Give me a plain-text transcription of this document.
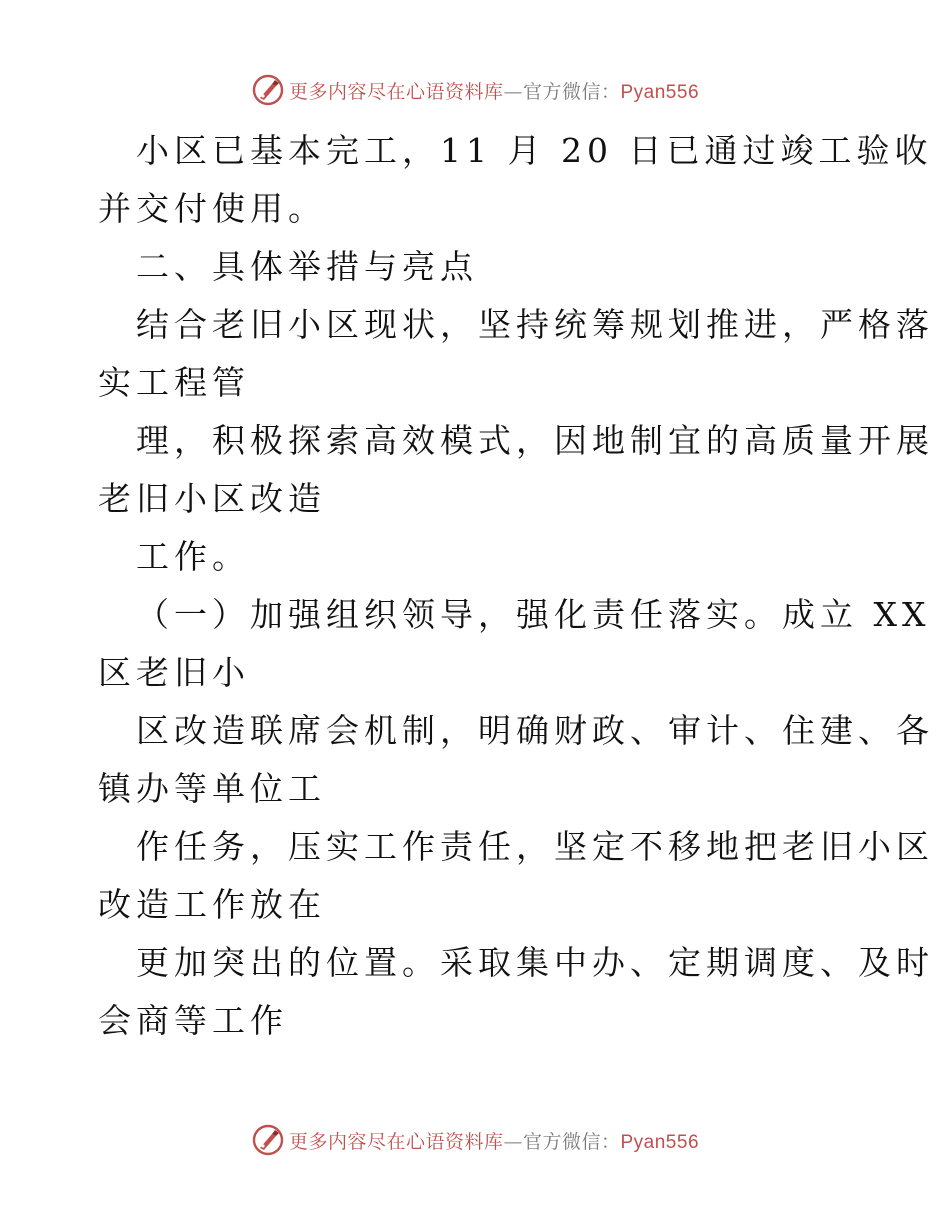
更多内容尽在心语资料库—官方微信：Pyan556
小区已基本完工，11 月 20 日已通过竣工验收
并交付使用。
二、具体举措与亮点
结合老旧小区现状，坚持统筹规划推进，严格落
实工程管
理，积极探索高效模式，因地制宜的高质量开展
老旧小区改造
工作。
（一）加强组织领导，强化责任落实。成立 XX
区老旧小
区改造联席会机制，明确财政、审计、住建、各
镇办等单位工
作任务，压实工作责任，坚定不移地把老旧小区
改造工作放在
更加突出的位置。采取集中办、定期调度、及时
会商等工作
更多内容尽在心语资料库—官方微信：Pyan556
